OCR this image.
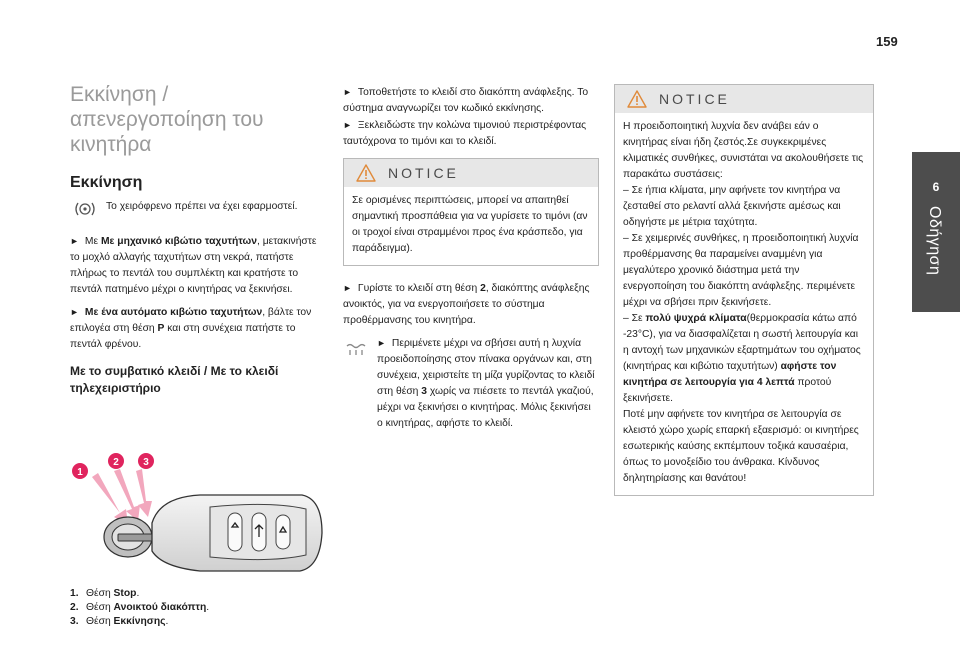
159
6
Οδήγηση
Εκκίνηση / απενεργοποίηση του κινητήρα
Εκκίνηση

Το χειρόφρενο πρέπει να έχει εφαρμοστεί.

► Με Με μηχανικό κιβώτιο ταχυτήτων, μετακινήστε το μοχλό αλλαγής ταχυτήτων στη νεκρά, πατήστε πλήρως το πεντάλ του συμπλέκτη και κρατήστε το πεντάλ πατημένο μέχρι ο κινητήρας να ξεκινήσει.

► Με ένα αυτόματο κιβώτιο ταχυτήτων, βάλτε τον επιλογέα στη θέση P και στη συνέχεια πατήστε το πεντάλ φρένου.

Με το συμβατικό κλειδί / Με το κλειδί τηλεχειριστήριο
1
2 3
1. Θέση Stop.
2. Θέση Ανοικτού διακόπτη.
3. Θέση Εκκίνησης.

► Τοποθετήστε το κλειδί στο διακόπτη ανάφλεξης. Το σύστημα αναγνωρίζει τον κωδικό εκκίνησης.

► Ξεκλειδώστε την κολώνα τιμονιού περιστρέφοντας ταυτόχρονα το τιμόνι και το κλειδί.

NOTICE
Σε ορισμένες περιπτώσεις, μπορεί να απαιτηθεί σημαντική προσπάθεια για να γυρίσετε το τιμόνι (αν οι τροχοί είναι στραμμένοι προς ένα κράσπεδο, για παράδειγμα).

► Γυρίστε το κλειδί στη θέση 2, διακόπτης ανάφλεξης ανοικτός, για να ενεργοποιήσετε το σύστημα προθέρμανσης του κινητήρα.

► Περιμένετε μέχρι να σβήσει αυτή η λυχνία προειδοποίησης στον πίνακα οργάνων και, στη συνέχεια, χειριστείτε τη μίζα γυρίζοντας το κλειδί στη θέση 3 χωρίς να πιέσετε το πεντάλ γκαζιού, μέχρι να ξεκινήσει ο κινητήρας. Μόλις ξεκινήσει ο κινητήρας, αφήστε το κλειδί.

NOTICE

Η προειδοποιητική λυχνία δεν ανάβει εάν ο κινητήρας είναι ήδη ζεστός.Σε συγκεκριμένες κλιματικές συνθήκες, συνιστάται να ακολουθήσετε τις παρακάτω συστάσεις:

– Σε ήπια κλίματα, μην αφήνετε τον κινητήρα να ζεσταθεί στο ρελαντί αλλά ξεκινήστε αμέσως και οδηγήστε με μέτρια ταχύτητα.

– Σε χειμερινές συνθήκες, η προειδοποιητική λυχνία προθέρμανσης θα παραμείνει αναμμένη για μεγαλύτερο χρονικό διάστημα μετά την ενεργοποίηση του διακόπτη ανάφλεξης. περιμένετε μέχρι να σβήσει πριν ξεκινήσετε.

– Σε πολύ ψυχρά κλίματα(θερμοκρασία κάτω από -23°C), για να διασφαλίζεται η σωστή λειτουργία και η αντοχή των μηχανικών εξαρτημάτων του οχήματος (κινητήρας και κιβώτιο ταχυτήτων) αφήστε τον κινητήρα σε λειτουργία για 4 λεπτά προτού ξεκινήσετε.

Ποτέ μην αφήνετε τον κινητήρα σε λειτουργία σε κλειστό χώρο χωρίς επαρκή εξαερισμό: οι κινητήρες εσωτερικής καύσης εκπέμπουν τοξικά καυσαέρια, όπως το μονοξείδιο του άνθρακα. Κίνδυνος δηλητηρίασης και θανάτου!
